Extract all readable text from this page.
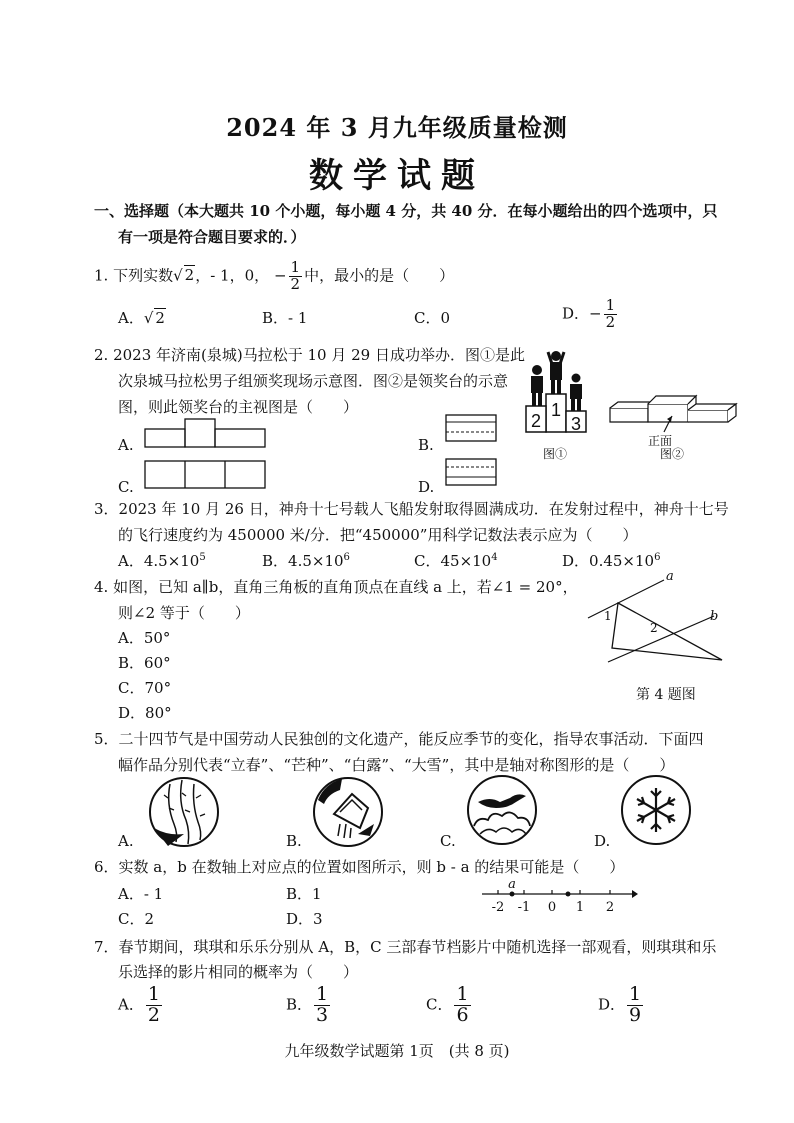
2024 年 3 月九年级质量检测
数学试题
一、选择题（本大题共 10 个小题，每小题 4 分，共 40 分．在每小题给出的四个选项中，只
有一项是符合题目要求的．）
1. 下列实数√ 2，- 1，0， − $\frac{1}{2}$ 中，最小的是（　　）
A．√ 2	B．- 1	C．0	D．− $\frac{1}{2}$
2. 2023 年济南(泉城)马拉松于 10 月 29 日成功举办．图①是此
次泉城马拉松男子组颁奖现场示意图．图②是领奖台的示意
图，则此领奖台的主视图是（　　）
A.	B.
C.	D.
1
2 3
图①
正面
图②
3．2023 年 10 月 26 日，神舟十七号载人飞船发射取得圆满成功．在发射过程中，神舟十七号
的飞行速度约为 450000 米/分．把“450000”用科学记数法表示应为（　　）
A．$4.5\times 10^5$	B．$4.5\times 10^6$	C．$45\times 10^4$	D．$0.45\times 10^6$
4. 如图，已知 a∥b，直角三角板的直角顶点在直线 a 上，若∠1 = 20°，
则∠2 等于（　　）
A．50°
B．60°
C．70°
D．80°
a
b
1
2
第 4 题图
5．二十四节气是中国劳动人民独创的文化遗产，能反应季节的变化，指导农事活动．下面四
幅作品分别代表“立春”、“芒种”、“白露”、“大雪”，其中是轴对称图形的是（　　）
A.	B.	C.	D.
6．实数 a，b 在数轴上对应点的位置如图所示，则 b - a 的结果可能是（　　）
A．- 1	B．1
C．2	D．3
a
-2 -1 0 1 2
7．春节期间，琪琪和乐乐分别从 A，B，C 三部春节档影片中随机选择一部观看，则琪琪和乐
乐选择的影片相同的概率为（　　）
A． $\frac{1}{2}$	B． $\frac{1}{3}$	C． $\frac{1}{6}$	D． $\frac{1}{9}$
九年级数学试题第 1页　(共 8 页)
